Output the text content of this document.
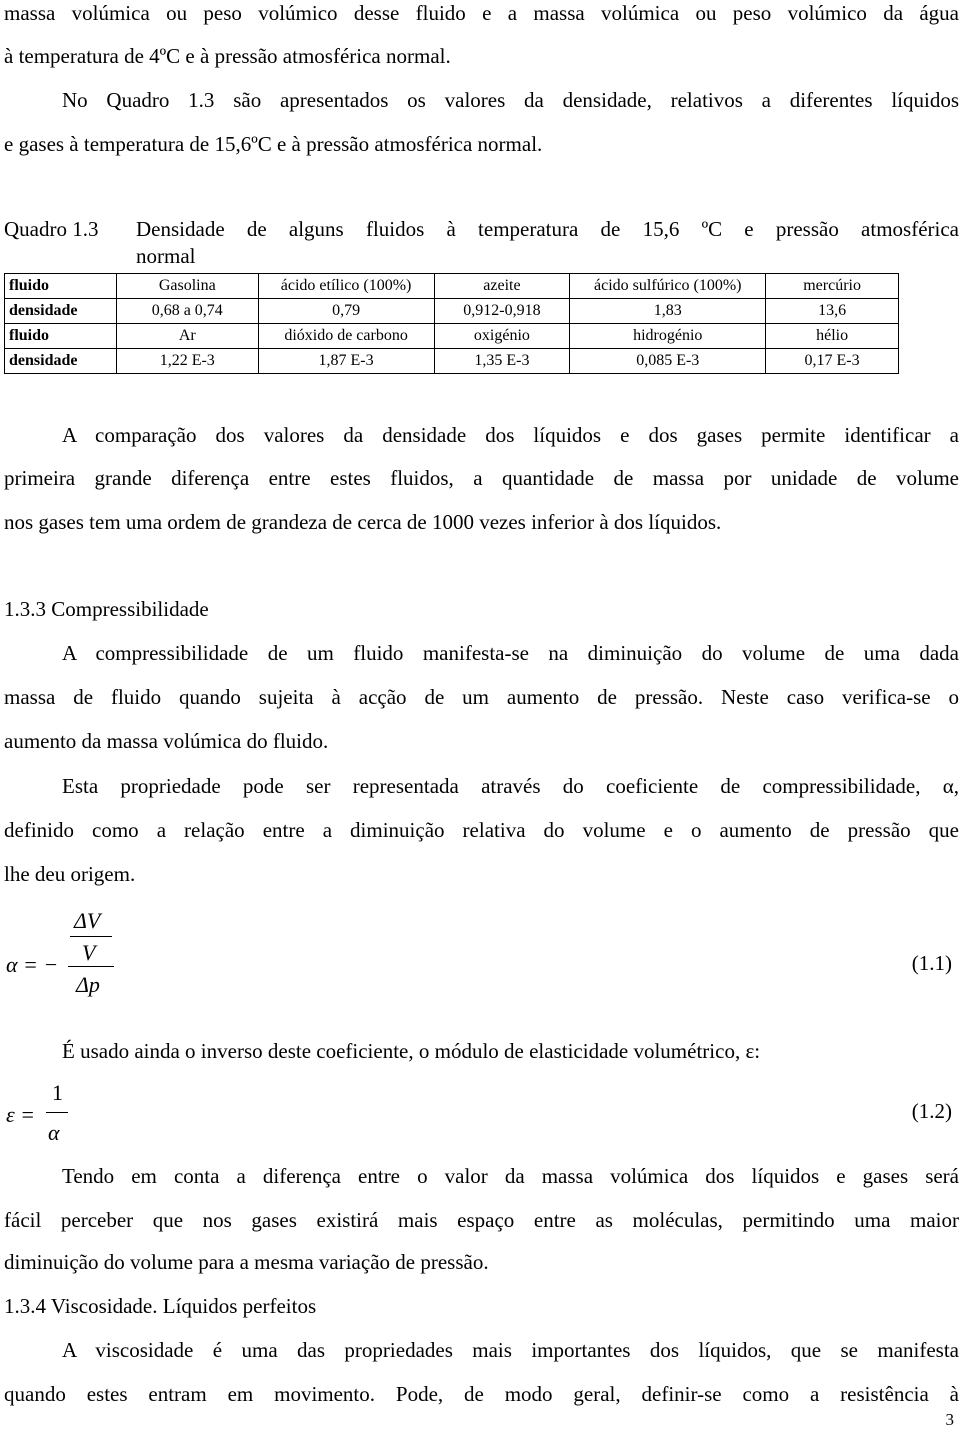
massa volúmica ou peso volúmico desse fluido e a massa volúmica ou peso volúmico da água
à temperatura de 4ºC e à pressão atmosférica normal.
No Quadro 1.3 são apresentados os valores da densidade, relativos a diferentes líquidos
e gases à temperatura de 15,6ºC e à pressão atmosférica normal.
Quadro 1.3 Densidade de alguns fluidos à temperatura de 15,6 ºC e pressão atmosférica
normal
fluido	Gasolina	ácido etílico (100%)	azeite	ácido sulfúrico (100%)	mercúrio
densidade	0,68 a 0,74	0,79	0,912-0,918	1,83	13,6
fluido	Ar	dióxido de carbono	oxigénio	hidrogénio	hélio
densidade	1,22 E-3	1,87 E-3	1,35 E-3	0,085 E-3	0,17 E-3
A comparação dos valores da densidade dos líquidos e dos gases permite identificar a
primeira grande diferença entre estes fluidos, a quantidade de massa por unidade de volume
nos gases tem uma ordem de grandeza de cerca de 1000 vezes inferior à dos líquidos.
1.3.3 Compressibilidade
A compressibilidade de um fluido manifesta-se na diminuição do volume de uma dada
massa de fluido quando sujeita à acção de um aumento de pressão. Neste caso verifica-se o
aumento da massa volúmica do fluido.
Esta propriedade pode ser representada através do coeficiente de compressibilidade, α,
definido como a relação entre a diminuição relativa do volume e o aumento de pressão que
lhe deu origem.
α = −
ΔV
V
Δp
(1.1)
É usado ainda o inverso deste coeficiente, o módulo de elasticidade volumétrico, ε:
ε =
1
α
(1.2)
Tendo em conta a diferença entre o valor da massa volúmica dos líquidos e gases será
fácil perceber que nos gases existirá mais espaço entre as moléculas, permitindo uma maior
diminuição do volume para a mesma variação de pressão.
1.3.4 Viscosidade. Líquidos perfeitos
A viscosidade é uma das propriedades mais importantes dos líquidos, que se manifesta
quando estes entram em movimento. Pode, de modo geral, definir-se como a resistência à
3
